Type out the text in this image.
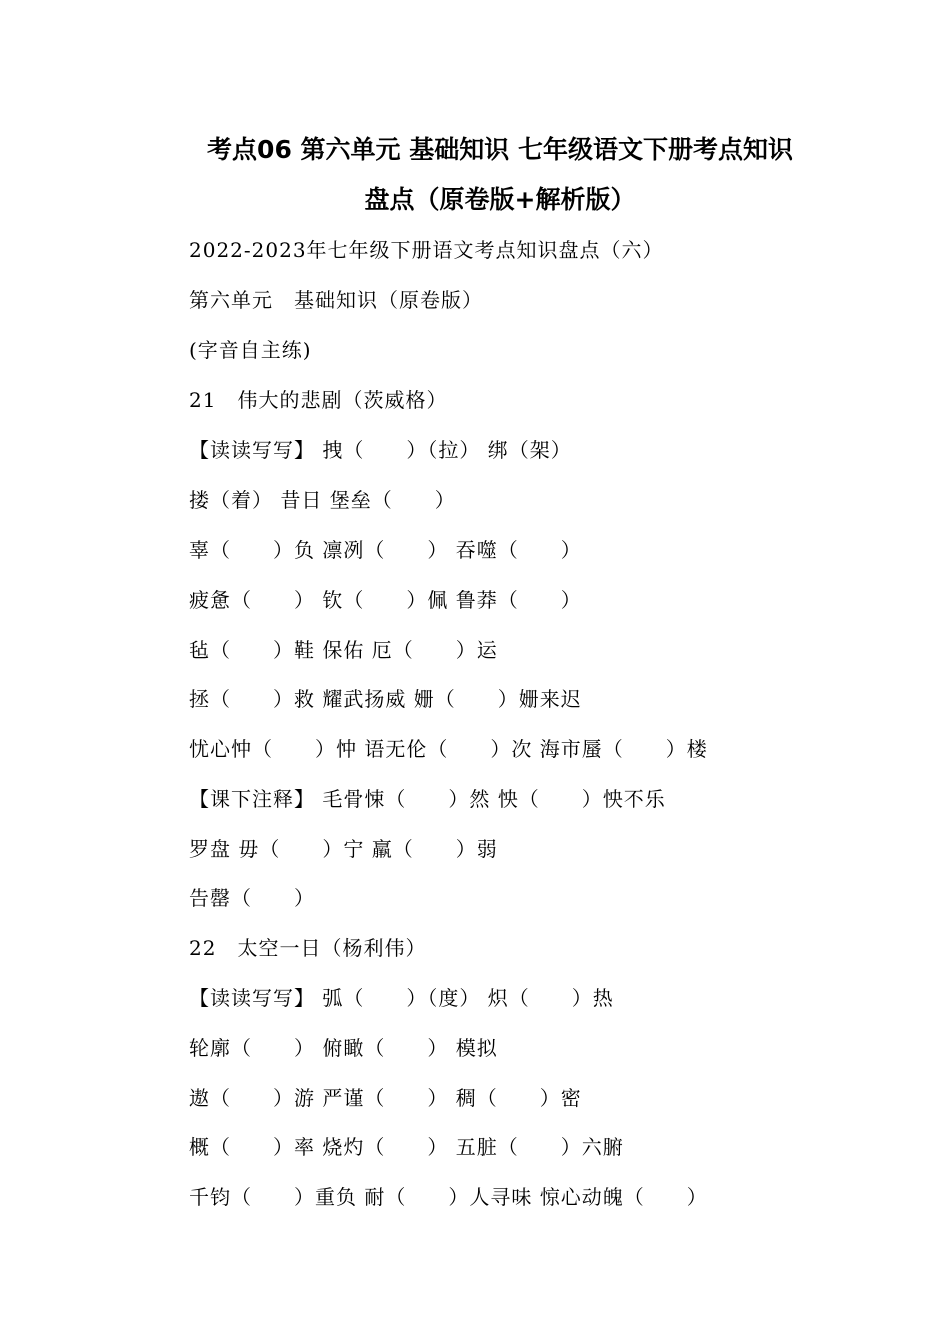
考点06 第六单元 基础知识 七年级语文下册考点知识
盘点（原卷版+解析版）
2022-2023年七年级下册语文考点知识盘点（六）
第六单元　基础知识（原卷版）
(字音自主练)
21　伟大的悲剧（茨威格）
【读读写写】 拽（　　）（拉） 绑（架）
搂（着） 昔日 堡垒（　　）
辜（　　）负 凛冽（　　） 吞噬（　　）
疲惫（　　） 钦（　　）佩 鲁莽（　　）
毡（　　）鞋 保佑 厄（　　）运
拯（　　）救 耀武扬威 姗（　　）姗来迟
忧心忡（　　）忡 语无伦（　　）次 海市蜃（　　）楼
【课下注释】 毛骨悚（　　）然 怏（　　）怏不乐
罗盘 毋（　　）宁 羸（　　）弱
告罄（　　）
22　太空一日（杨利伟）
【读读写写】 弧（　　）（度） 炽（　　）热
轮廓（　　） 俯瞰（　　） 模拟
遨（　　）游 严谨（　　） 稠（　　）密
概（　　）率 烧灼（　　） 五脏（　　）六腑
千钧（　　）重负 耐（　　）人寻味 惊心动魄（　　）
